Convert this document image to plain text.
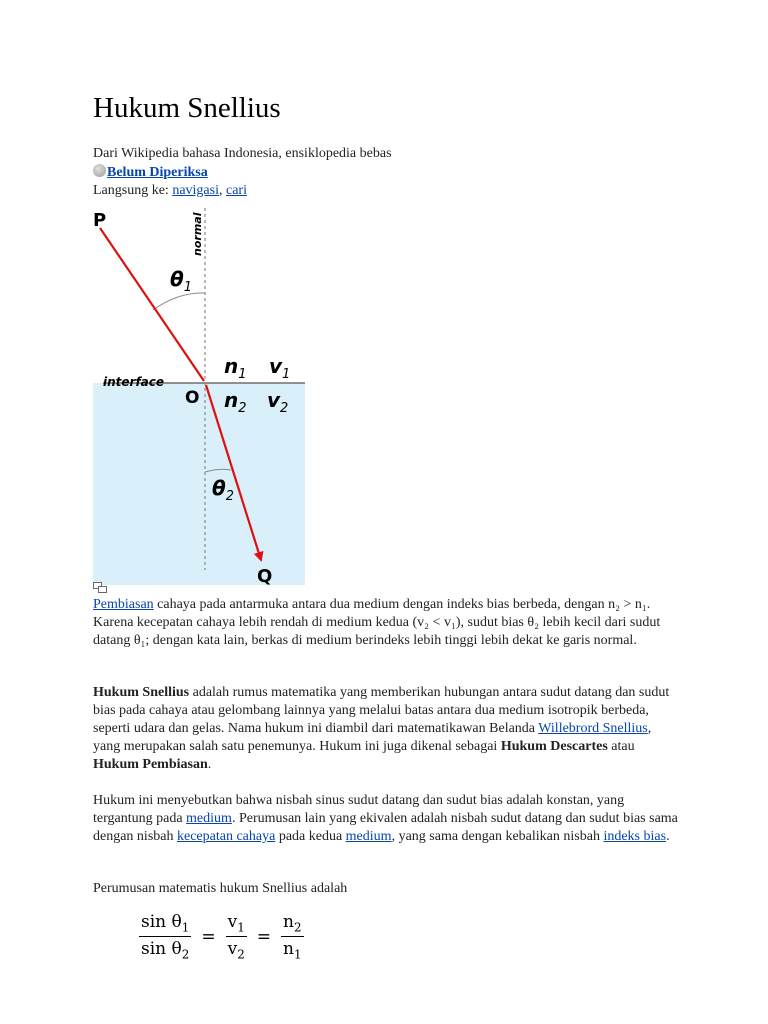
Hukum Snellius
Dari Wikipedia bahasa Indonesia, ensiklopedia bebas
Belum Diperiksa
Langsung ke: navigasi, cari
P
Q
O
normal
interface
$\theta_1$
$\theta_2$
$n_1$ $v_1$
$n_2$ $v_2$

Pembiasan cahaya pada antarmuka antara dua medium dengan indeks bias berbeda, dengan n₂ > n₁. Karena kecepatan cahaya lebih rendah di medium kedua (v₂ < v₁), sudut bias θ₂ lebih kecil dari sudut datang θ₁; dengan kata lain, berkas di medium berindeks lebih tinggi lebih dekat ke garis normal.

Hukum Snellius adalah rumus matematika yang memberikan hubungan antara sudut datang dan sudut bias pada cahaya atau gelombang lainnya yang melalui batas antara dua medium isotropik berbeda, seperti udara dan gelas. Nama hukum ini diambil dari matematikawan Belanda Willebrord Snellius, yang merupakan salah satu penemunya. Hukum ini juga dikenal sebagai Hukum Descartes atau Hukum Pembiasan.

Hukum ini menyebutkan bahwa nisbah sinus sudut datang dan sudut bias adalah konstan, yang tergantung pada medium. Perumusan lain yang ekivalen adalah nisbah sudut datang dan sudut bias sama dengan nisbah kecepatan cahaya pada kedua medium, yang sama dengan kebalikan nisbah indeks bias.

Perumusan matematis hukum Snellius adalah

$\frac{\sin \theta_1}{\sin \theta_2} = \frac{v_1}{v_2} = \frac{n_2}{n_1}$
